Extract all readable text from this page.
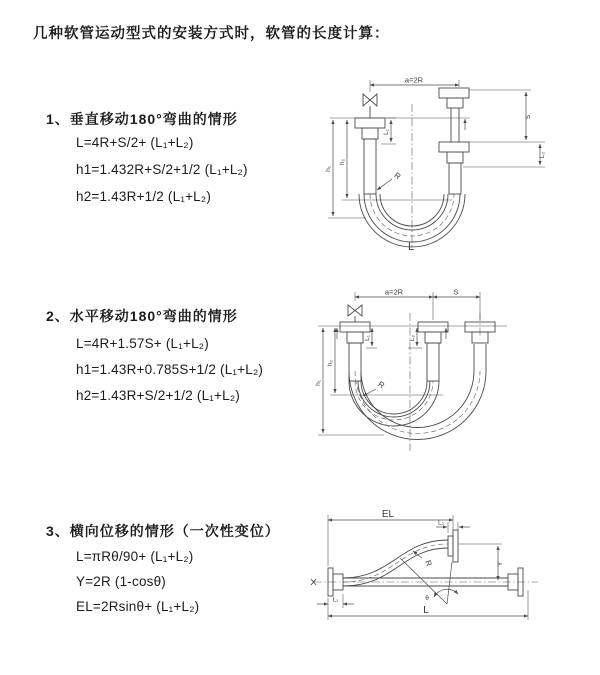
几种软管运动型式的安装方式时，软管的长度计算：
1、垂直移动180°弯曲的情形
L=4R+S/2+ (L₁+L₂)
h1=1.432R+S/2+1/2 (L₁+L₂)
h2=1.43R+1/2 (L₁+L₂)
2、水平移动180°弯曲的情形
L=4R+1.57S+ (L₁+L₂)
h1=1.43R+0.785S+1/2 (L₁+L₂)
h2=1.43R+S/2+1/2 (L₁+L₂)
3、横向位移的情形（一次性变位）
L=πRθ/90+ (L₁+L₂)
Y=2R (1-cosθ)
EL=2Rsinθ+ (L₁+L₂)
a=2R
L₁
h₁
h₂
S
L₂
R
L
a=2R	S
L₁	L₂
h₁
h₂
R
θ
EL
L₂
Y
L
L₁
R
